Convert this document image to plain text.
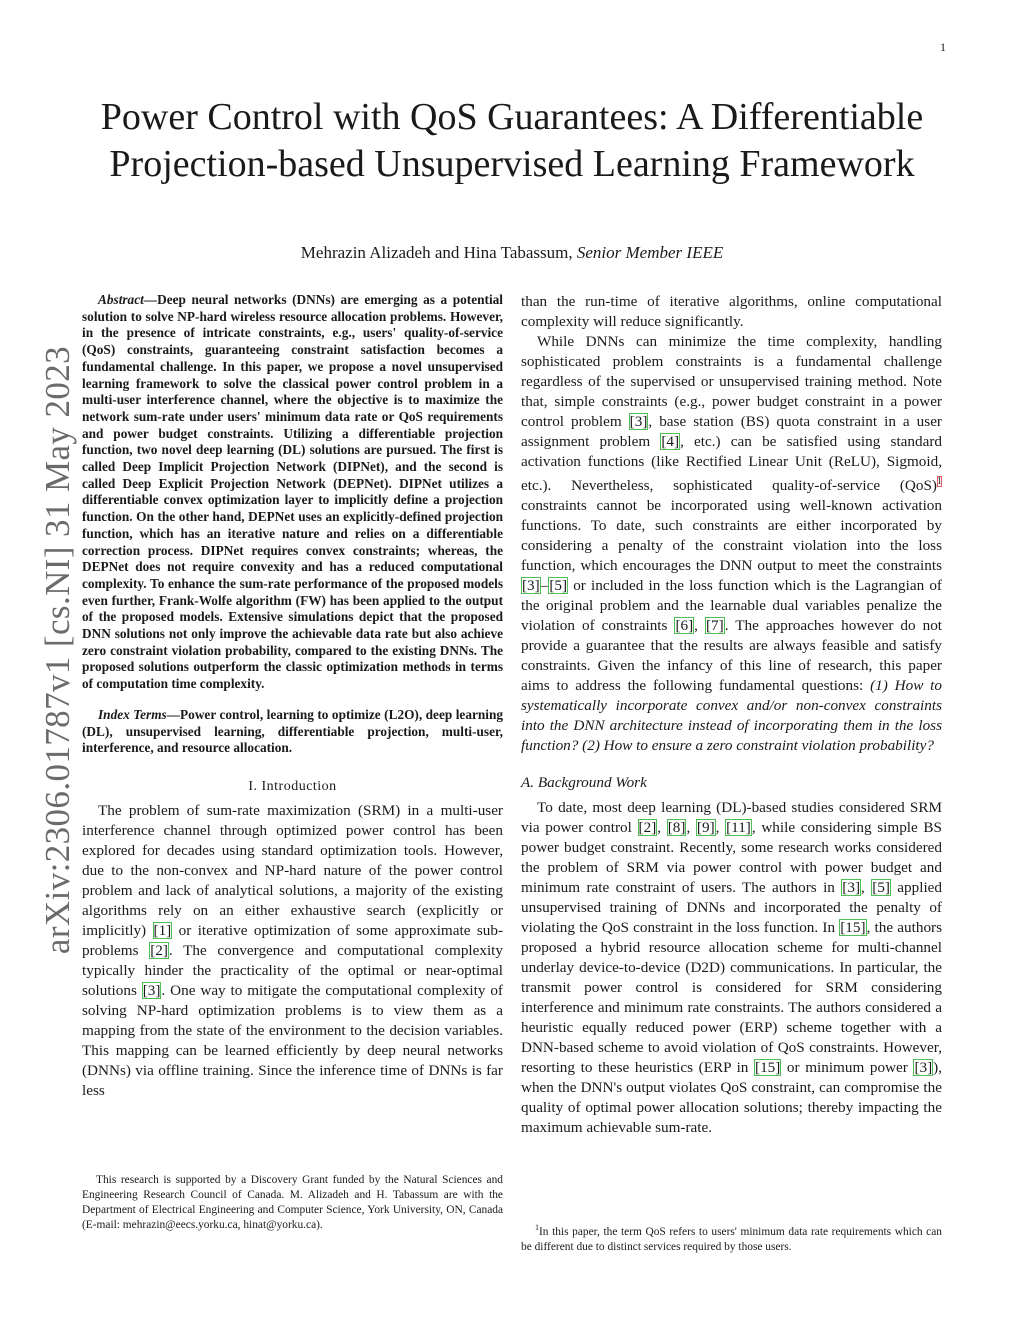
1
arXiv:2306.01787v1 [cs.NI] 31 May 2023
Power Control with QoS Guarantees: A Differentiable Projection-based Unsupervised Learning Framework
Mehrazin Alizadeh and Hina Tabassum, Senior Member IEEE

Abstract—Deep neural networks (DNNs) are emerging as a potential solution to solve NP-hard wireless resource allocation problems. However, in the presence of intricate constraints, e.g., users' quality-of-service (QoS) constraints, guaranteeing constraint satisfaction becomes a fundamental challenge. In this paper, we propose a novel unsupervised learning framework to solve the classical power control problem in a multi-user interference channel, where the objective is to maximize the network sum-rate under users' minimum data rate or QoS requirements and power budget constraints. Utilizing a differentiable projection function, two novel deep learning (DL) solutions are pursued. The first is called Deep Implicit Projection Network (DIPNet), and the second is called Deep Explicit Projection Network (DEPNet). DIPNet utilizes a differentiable convex optimization layer to implicitly define a projection function. On the other hand, DEPNet uses an explicitly-defined projection function, which has an iterative nature and relies on a differentiable correction process. DIPNet requires convex constraints; whereas, the DEPNet does not require convexity and has a reduced computational complexity. To enhance the sum-rate performance of the proposed models even further, Frank-Wolfe algorithm (FW) has been applied to the output of the proposed models. Extensive simulations depict that the proposed DNN solutions not only improve the achievable data rate but also achieve zero constraint violation probability, compared to the existing DNNs. The proposed solutions outperform the classic optimization methods in terms of computation time complexity.

Index Terms—Power control, learning to optimize (L2O), deep learning (DL), unsupervised learning, differentiable projection, multi-user, interference, and resource allocation.

I. Introduction

The problem of sum-rate maximization (SRM) in a multi-user interference channel through optimized power control has been explored for decades using standard optimization tools. However, due to the non-convex and NP-hard nature of the power control problem and lack of analytical solutions, a majority of the existing algorithms rely on an either exhaustive search (explicitly or implicitly) [1] or iterative optimization of some approximate sub-problems [2]. The convergence and computational complexity typically hinder the practicality of the optimal or near-optimal solutions [3]. One way to mitigate the computational complexity of solving NP-hard optimization problems is to view them as a mapping from the state of the environment to the decision variables. This mapping can be learned efficiently by deep neural networks (DNNs) via offline training. Since the inference time of DNNs is far less

than the run-time of iterative algorithms, online computational complexity will reduce significantly.

While DNNs can minimize the time complexity, handling sophisticated problem constraints is a fundamental challenge regardless of the supervised or unsupervised training method. Note that, simple constraints (e.g., power budget constraint in a power control problem [3], base station (BS) quota constraint in a user assignment problem [4], etc.) can be satisfied using standard activation functions (like Rectified Linear Unit (ReLU), Sigmoid, etc.). Nevertheless, sophisticated quality-of-service (QoS)$^1$ constraints cannot be incorporated using well-known activation functions. To date, such constraints are either incorporated by considering a penalty of the constraint violation into the loss function, which encourages the DNN output to meet the constraints [3]–[5] or included in the loss function which is the Lagrangian of the original problem and the learnable dual variables penalize the violation of constraints [6], [7]. The approaches however do not provide a guarantee that the results are always feasible and satisfy constraints. Given the infancy of this line of research, this paper aims to address the following fundamental questions: (1) How to systematically incorporate convex and/or non-convex constraints into the DNN architecture instead of incorporating them in the loss function? (2) How to ensure a zero constraint violation probability?

A. Background Work

To date, most deep learning (DL)-based studies considered SRM via power control [2], [8], [9], [11], while considering simple BS power budget constraint. Recently, some research works considered the problem of SRM via power control with power budget and minimum rate constraint of users. The authors in [3], [5] applied unsupervised training of DNNs and incorporated the penalty of violating the QoS constraint in the loss function. In [15], the authors proposed a hybrid resource allocation scheme for multi-channel underlay device-to-device (D2D) communications. In particular, the transmit power control is considered for SRM considering interference and minimum rate constraints. The authors considered a heuristic equally reduced power (ERP) scheme together with a DNN-based scheme to avoid violation of QoS constraints. However, resorting to these heuristics (ERP in [15] or minimum power [3]), when the DNN's output violates QoS constraint, can compromise the quality of optimal power allocation solutions; thereby impacting the maximum achievable sum-rate.

This research is supported by a Discovery Grant funded by the Natural Sciences and Engineering Research Council of Canada. M. Alizadeh and H. Tabassum are with the Department of Electrical Engineering and Computer Science, York University, ON, Canada (E-mail: mehrazin@eecs.yorku.ca, hinat@yorku.ca).	$^1$In this paper, the term QoS refers to users' minimum data rate requirements which can be different due to distinct services required by those users.
